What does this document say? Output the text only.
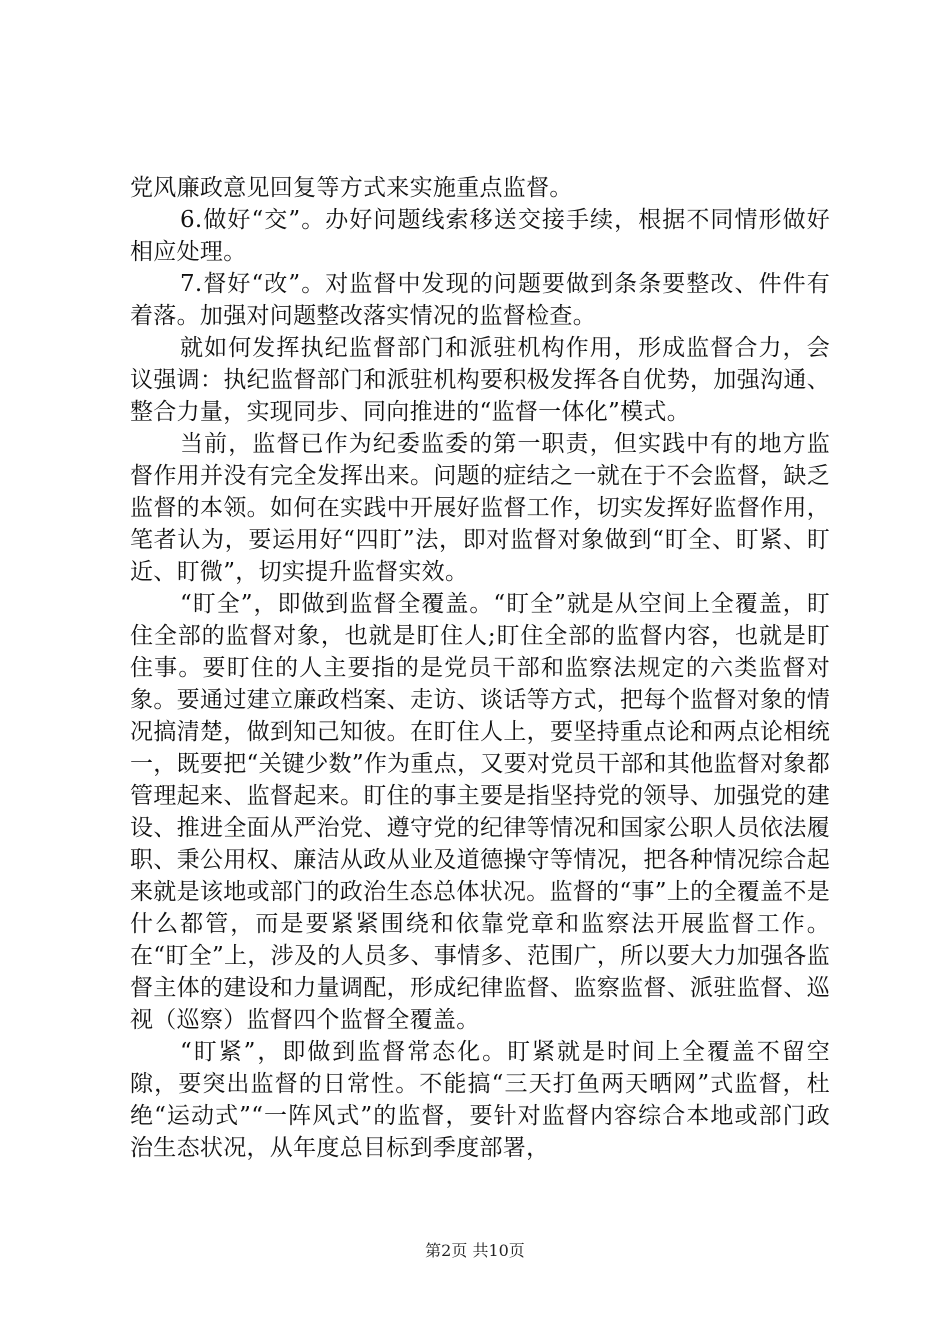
党风廉政意见回复等方式来实施重点监督。

6.做好“交”。办好问题线索移送交接手续，根据不同情形做好相应处理。

7.督好“改”。对监督中发现的问题要做到条条要整改、件件有着落。加强对问题整改落实情况的监督检查。

就如何发挥执纪监督部门和派驻机构作用，形成监督合力，会议强调：执纪监督部门和派驻机构要积极发挥各自优势，加强沟通、整合力量，实现同步、同向推进的“监督一体化”模式。

当前，监督已作为纪委监委的第一职责，但实践中有的地方监督作用并没有完全发挥出来。问题的症结之一就在于不会监督，缺乏监督的本领。如何在实践中开展好监督工作，切实发挥好监督作用，笔者认为，要运用好“四盯”法，即对监督对象做到“盯全、盯紧、盯近、盯微”，切实提升监督实效。

“盯全”，即做到监督全覆盖。“盯全”就是从空间上全覆盖，盯住全部的监督对象，也就是盯住人;盯住全部的监督内容，也就是盯住事。要盯住的人主要指的是党员干部和监察法规定的六类监督对象。要通过建立廉政档案、走访、谈话等方式，把每个监督对象的情况搞清楚，做到知己知彼。在盯住人上，要坚持重点论和两点论相统一，既要把“关键少数”作为重点，又要对党员干部和其他监督对象都管理起来、监督起来。盯住的事主要是指坚持党的领导、加强党的建设、推进全面从严治党、遵守党的纪律等情况和国家公职人员依法履职、秉公用权、廉洁从政从业及道德操守等情况，把各种情况综合起来就是该地或部门的政治生态总体状况。监督的“事”上的全覆盖不是什么都管，而是要紧紧围绕和依靠党章和监察法开展监督工作。在“盯全”上，涉及的人员多、事情多、范围广，所以要大力加强各监督主体的建设和力量调配，形成纪律监督、监察监督、派驻监督、巡视（巡察）监督四个监督全覆盖。

“盯紧”，即做到监督常态化。盯紧就是时间上全覆盖不留空隙，要突出监督的日常性。不能搞“三天打鱼两天晒网”式监督，杜绝“运动式”“一阵风式”的监督，要针对监督内容综合本地或部门政治生态状况，从年度总目标到季度部署，

第2页 共10页
